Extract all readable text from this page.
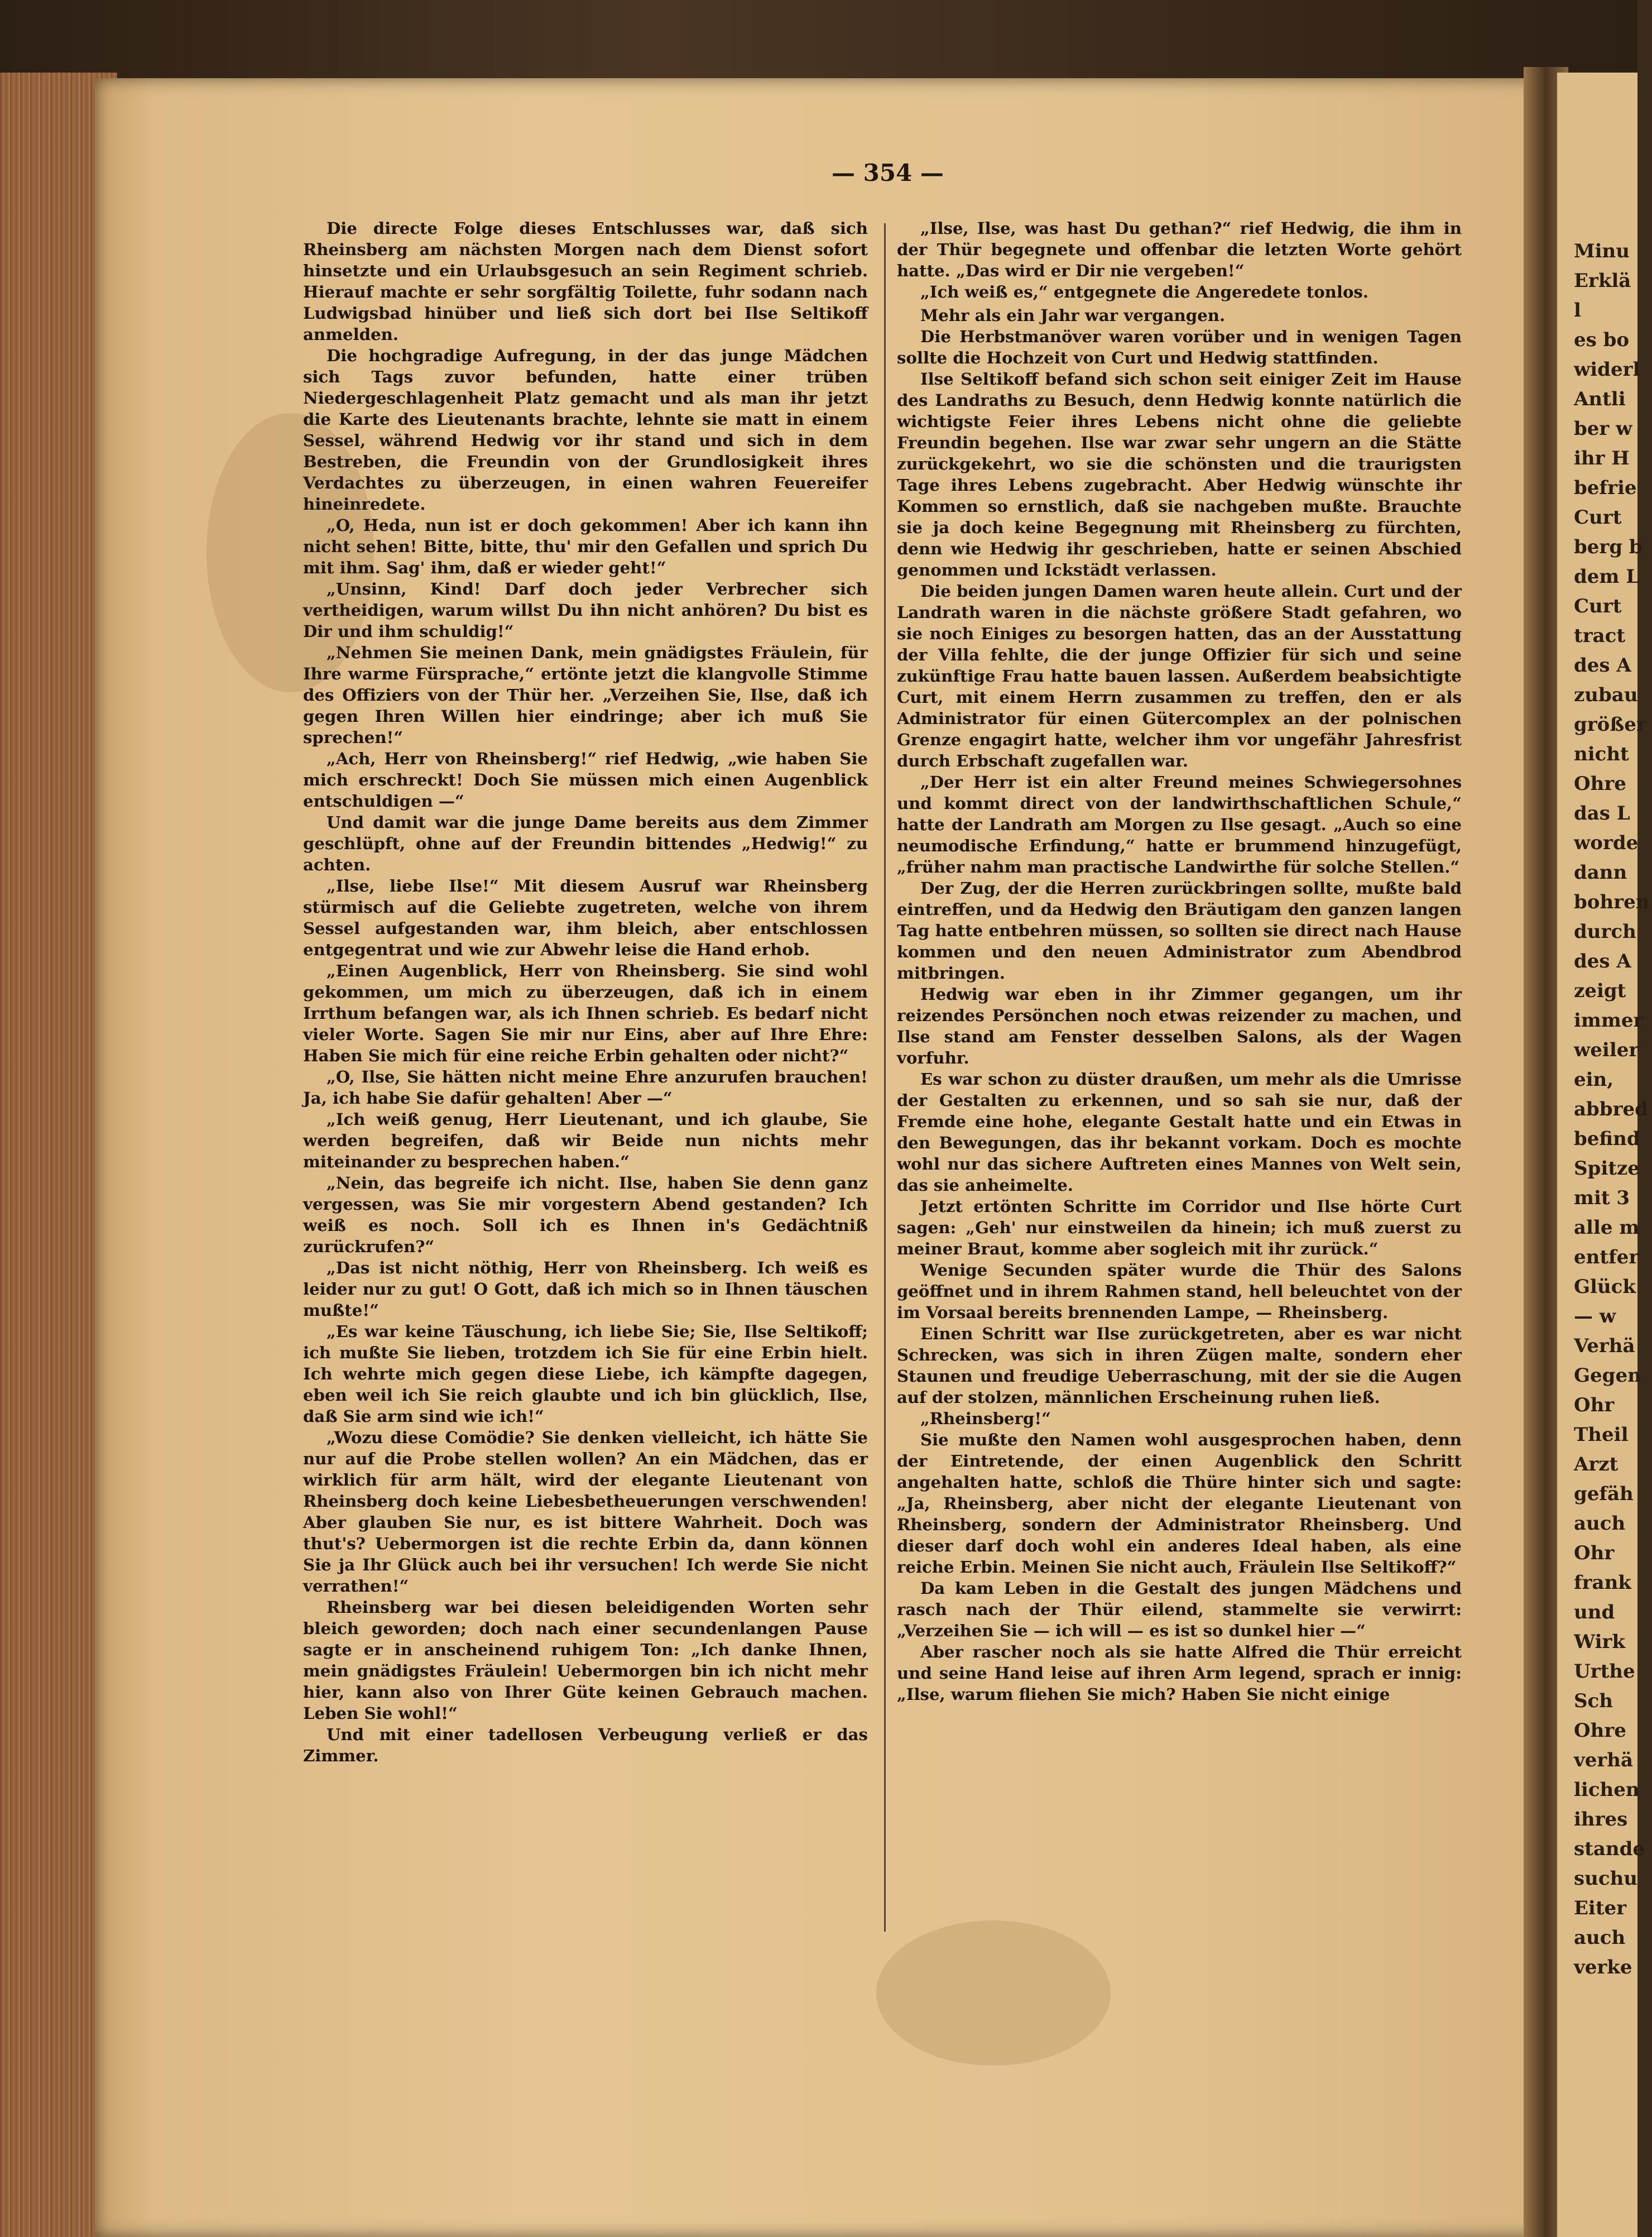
Minu
Erklä
l
es bo
widerl
Antli
ber w
ihr H
befrie
Curt
berg b
dem L
Curt
tract
des A
zubau
größer
nicht
Ohre
das L
worde
dann
bohren
durch
des A
zeigt
immer
weiler
ein,
abbred
befind
Spitze
mit 3
alle m
entfer
Glück
— w
Verhä
Gegen
Ohr
Theil
Arzt
gefäh
auch
Ohr
frank
und
Wirk
Urthe
Sch
Ohre
verhä
lichen
ihres
stande
suchu
Eiter
auch
verke
— 354 —

Die directe Folge dieses Entschlusses war, daß sich Rheinsberg am nächsten Morgen nach dem Dienst sofort hinsetzte und ein Urlaubsgesuch an sein Regiment schrieb. Hierauf machte er sehr sorgfältig Toilette, fuhr sodann nach Ludwigsbad hinüber und ließ sich dort bei Ilse Seltikoff anmelden.

Die hochgradige Aufregung, in der das junge Mädchen sich Tags zuvor befunden, hatte einer trüben Niedergeschlagenheit Platz gemacht und als man ihr jetzt die Karte des Lieutenants brachte, lehnte sie matt in einem Sessel, während Hedwig vor ihr stand und sich in dem Bestreben, die Freundin von der Grundlosigkeit ihres Verdachtes zu überzeugen, in einen wahren Feuereifer hineinredete.

„O, Heda, nun ist er doch gekommen! Aber ich kann ihn nicht sehen! Bitte, bitte, thu' mir den Gefallen und sprich Du mit ihm. Sag' ihm, daß er wieder geht!“

„Unsinn, Kind! Darf doch jeder Verbrecher sich vertheidigen, warum willst Du ihn nicht anhören? Du bist es Dir und ihm schuldig!“

„Nehmen Sie meinen Dank, mein gnädigstes Fräulein, für Ihre warme Fürsprache,“ ertönte jetzt die klangvolle Stimme des Offiziers von der Thür her. „Verzeihen Sie, Ilse, daß ich gegen Ihren Willen hier eindringe; aber ich muß Sie sprechen!“

„Ach, Herr von Rheinsberg!“ rief Hedwig, „wie haben Sie mich erschreckt! Doch Sie müssen mich einen Augenblick entschuldigen —“

Und damit war die junge Dame bereits aus dem Zimmer geschlüpft, ohne auf der Freundin bittendes „Hedwig!“ zu achten.

„Ilse, liebe Ilse!“ Mit diesem Ausruf war Rheinsberg stürmisch auf die Geliebte zugetreten, welche von ihrem Sessel aufgestanden war, ihm bleich, aber entschlossen entgegentrat und wie zur Abwehr leise die Hand erhob.

„Einen Augenblick, Herr von Rheinsberg. Sie sind wohl gekommen, um mich zu überzeugen, daß ich in einem Irrthum befangen war, als ich Ihnen schrieb. Es bedarf nicht vieler Worte. Sagen Sie mir nur Eins, aber auf Ihre Ehre: Haben Sie mich für eine reiche Erbin gehalten oder nicht?“

„O, Ilse, Sie hätten nicht meine Ehre anzurufen brauchen! Ja, ich habe Sie dafür gehalten! Aber —“

„Ich weiß genug, Herr Lieutenant, und ich glaube, Sie werden begreifen, daß wir Beide nun nichts mehr miteinander zu besprechen haben.“

„Nein, das begreife ich nicht. Ilse, haben Sie denn ganz vergessen, was Sie mir vorgestern Abend gestanden? Ich weiß es noch. Soll ich es Ihnen in's Gedächtniß zurückrufen?“

„Das ist nicht nöthig, Herr von Rheinsberg. Ich weiß es leider nur zu gut! O Gott, daß ich mich so in Ihnen täuschen mußte!“

„Es war keine Täuschung, ich liebe Sie; Sie, Ilse Seltikoff; ich mußte Sie lieben, trotzdem ich Sie für eine Erbin hielt. Ich wehrte mich gegen diese Liebe, ich kämpfte dagegen, eben weil ich Sie reich glaubte und ich bin glücklich, Ilse, daß Sie arm sind wie ich!“

„Wozu diese Comödie? Sie denken vielleicht, ich hätte Sie nur auf die Probe stellen wollen? An ein Mädchen, das er wirklich für arm hält, wird der elegante Lieutenant von Rheinsberg doch keine Liebesbetheuerungen verschwenden! Aber glauben Sie nur, es ist bittere Wahrheit. Doch was thut's? Uebermorgen ist die rechte Erbin da, dann können Sie ja Ihr Glück auch bei ihr versuchen! Ich werde Sie nicht verrathen!“

Rheinsberg war bei diesen beleidigenden Worten sehr bleich geworden; doch nach einer secundenlangen Pause sagte er in anscheinend ruhigem Ton: „Ich danke Ihnen, mein gnädigstes Fräulein! Uebermorgen bin ich nicht mehr hier, kann also von Ihrer Güte keinen Gebrauch machen. Leben Sie wohl!“

Und mit einer tadellosen Verbeugung verließ er das Zimmer.

„Ilse, Ilse, was hast Du gethan?“ rief Hedwig, die ihm in der Thür begegnete und offenbar die letzten Worte gehört hatte. „Das wird er Dir nie vergeben!“

„Ich weiß es,“ entgegnete die Angeredete tonlos.

Mehr als ein Jahr war vergangen.

Die Herbstmanöver waren vorüber und in wenigen Tagen sollte die Hochzeit von Curt und Hedwig stattfinden.

Ilse Seltikoff befand sich schon seit einiger Zeit im Hause des Landraths zu Besuch, denn Hedwig konnte natürlich die wichtigste Feier ihres Lebens nicht ohne die geliebte Freundin begehen. Ilse war zwar sehr ungern an die Stätte zurückgekehrt, wo sie die schönsten und die traurigsten Tage ihres Lebens zugebracht. Aber Hedwig wünschte ihr Kommen so ernstlich, daß sie nachgeben mußte. Brauchte sie ja doch keine Begegnung mit Rheinsberg zu fürchten, denn wie Hedwig ihr geschrieben, hatte er seinen Abschied genommen und Ickstädt verlassen.

Die beiden jungen Damen waren heute allein. Curt und der Landrath waren in die nächste größere Stadt gefahren, wo sie noch Einiges zu besorgen hatten, das an der Ausstattung der Villa fehlte, die der junge Offizier für sich und seine zukünftige Frau hatte bauen lassen. Außerdem beabsichtigte Curt, mit einem Herrn zusammen zu treffen, den er als Administrator für einen Gütercomplex an der polnischen Grenze engagirt hatte, welcher ihm vor ungefähr Jahresfrist durch Erbschaft zugefallen war.

„Der Herr ist ein alter Freund meines Schwiegersohnes und kommt direct von der landwirthschaftlichen Schule,“ hatte der Landrath am Morgen zu Ilse gesagt. „Auch so eine neumodische Erfindung,“ hatte er brummend hinzugefügt, „früher nahm man practische Landwirthe für solche Stellen.“

Der Zug, der die Herren zurückbringen sollte, mußte bald eintreffen, und da Hedwig den Bräutigam den ganzen langen Tag hatte entbehren müssen, so sollten sie direct nach Hause kommen und den neuen Administrator zum Abendbrod mitbringen.

Hedwig war eben in ihr Zimmer gegangen, um ihr reizendes Persönchen noch etwas reizender zu machen, und Ilse stand am Fenster desselben Salons, als der Wagen vorfuhr.

Es war schon zu düster draußen, um mehr als die Umrisse der Gestalten zu erkennen, und so sah sie nur, daß der Fremde eine hohe, elegante Gestalt hatte und ein Etwas in den Bewegungen, das ihr bekannt vorkam. Doch es mochte wohl nur das sichere Auftreten eines Mannes von Welt sein, das sie anheimelte.

Jetzt ertönten Schritte im Corridor und Ilse hörte Curt sagen: „Geh' nur einstweilen da hinein; ich muß zuerst zu meiner Braut, komme aber sogleich mit ihr zurück.“

Wenige Secunden später wurde die Thür des Salons geöffnet und in ihrem Rahmen stand, hell beleuchtet von der im Vorsaal bereits brennenden Lampe, — Rheinsberg.

Einen Schritt war Ilse zurückgetreten, aber es war nicht Schrecken, was sich in ihren Zügen malte, sondern eher Staunen und freudige Ueberraschung, mit der sie die Augen auf der stolzen, männlichen Erscheinung ruhen ließ.

„Rheinsberg!“

Sie mußte den Namen wohl ausgesprochen haben, denn der Eintretende, der einen Augenblick den Schritt angehalten hatte, schloß die Thüre hinter sich und sagte: „Ja, Rheinsberg, aber nicht der elegante Lieutenant von Rheinsberg, sondern der Administrator Rheinsberg. Und dieser darf doch wohl ein anderes Ideal haben, als eine reiche Erbin. Meinen Sie nicht auch, Fräulein Ilse Seltikoff?“

Da kam Leben in die Gestalt des jungen Mädchens und rasch nach der Thür eilend, stammelte sie verwirrt: „Verzeihen Sie — ich will — es ist so dunkel hier —“

Aber rascher noch als sie hatte Alfred die Thür erreicht und seine Hand leise auf ihren Arm legend, sprach er innig: „Ilse, warum fliehen Sie mich? Haben Sie nicht einige
